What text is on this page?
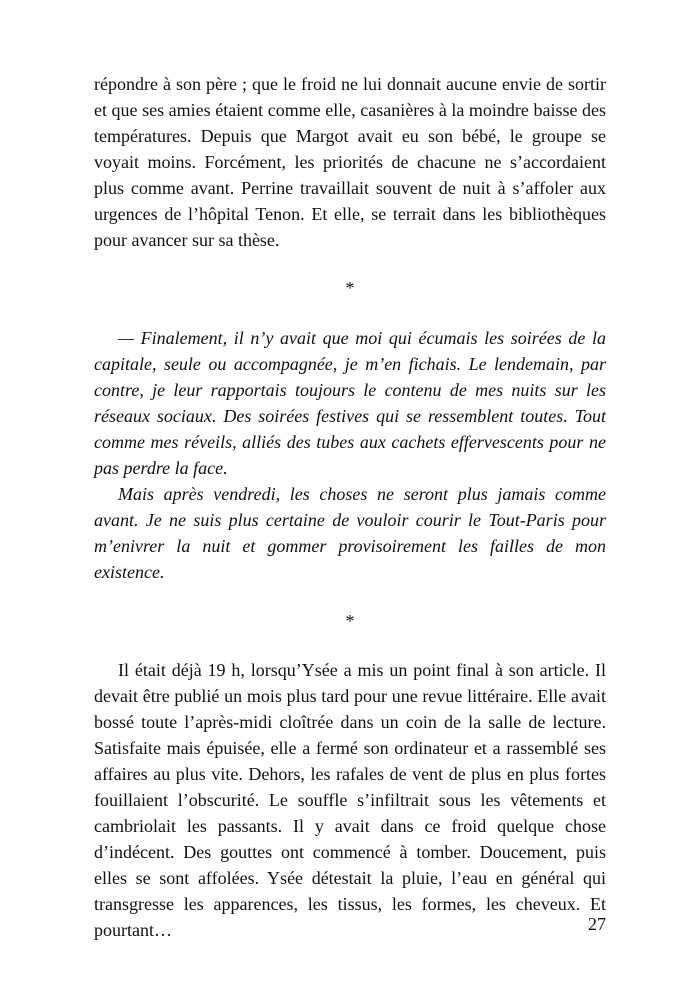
répondre à son père ; que le froid ne lui donnait aucune envie de sortir et que ses amies étaient comme elle, casanières à la moindre baisse des températures. Depuis que Margot avait eu son bébé, le groupe se voyait moins. Forcément, les priorités de chacune ne s’accordaient plus comme avant. Perrine travaillait souvent de nuit à s’affoler aux urgences de l’hôpital Tenon. Et elle, se terrait dans les bibliothèques pour avancer sur sa thèse.

*

— Finalement, il n’y avait que moi qui écumais les soirées de la capitale, seule ou accompagnée, je m’en fichais. Le lendemain, par contre, je leur rapportais toujours le contenu de mes nuits sur les réseaux sociaux. Des soirées festives qui se ressemblent toutes. Tout comme mes réveils, alliés des tubes aux cachets effervescents pour ne pas perdre la face.

Mais après vendredi, les choses ne seront plus jamais comme avant. Je ne suis plus certaine de vouloir courir le Tout-Paris pour m’enivrer la nuit et gommer provisoirement les failles de mon existence.

*

Il était déjà 19 h, lorsqu’Ysée a mis un point final à son article. Il devait être publié un mois plus tard pour une revue littéraire. Elle avait bossé toute l’après-midi cloîtrée dans un coin de la salle de lecture. Satisfaite mais épuisée, elle a fermé son ordinateur et a rassemblé ses affaires au plus vite. Dehors, les rafales de vent de plus en plus fortes fouillaient l’obscurité. Le souffle s’infiltrait sous les vêtements et cambriolait les passants. Il y avait dans ce froid quelque chose d’indécent. Des gouttes ont commencé à tomber. Doucement, puis elles se sont affolées. Ysée détestait la pluie, l’eau en général qui transgresse les apparences, les tissus, les formes, les cheveux. Et pourtant…	27
